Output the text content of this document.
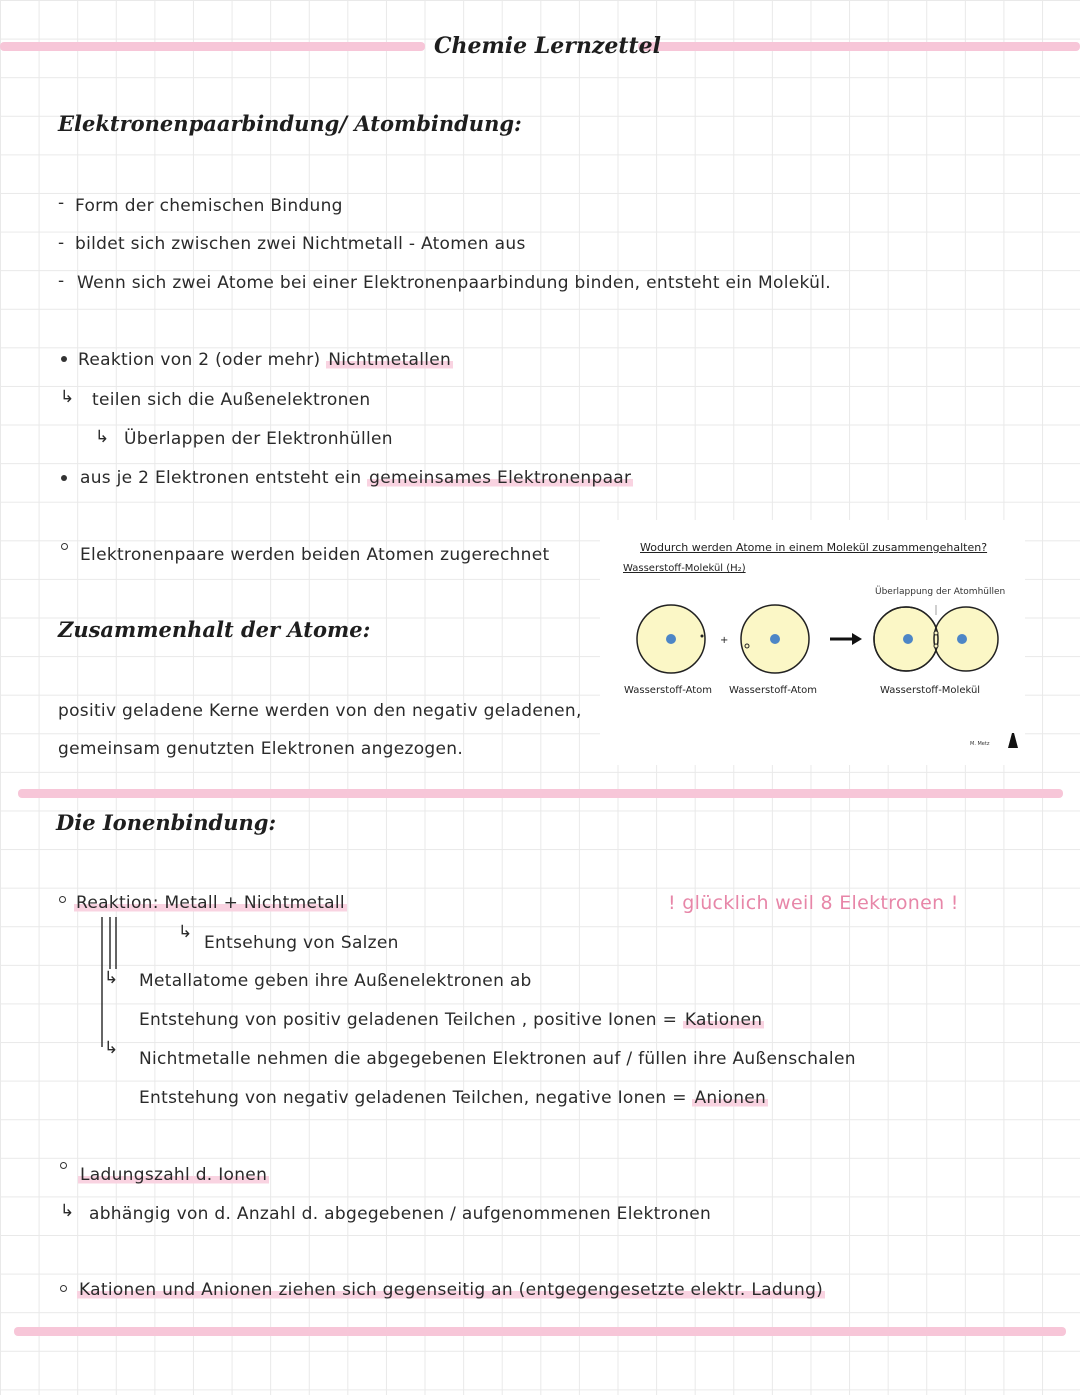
Chemie Lernzettel
Elektronenpaarbindung/ Atombindung:
- Form der chemischen Bindung
- bildet sich zwischen zwei Nichtmetall - Atomen aus
- Wenn sich zwei Atome bei einer Elektronenpaarbindung binden, entsteht ein Molekül.
Reaktion von 2 (oder mehr) Nichtmetallen
↳ teilen sich die Außenelektronen
↳ Überlappen der Elektronhüllen
aus je 2 Elektronen entsteht ein gemeinsames Elektronenpaar
Elektronenpaare werden beiden Atomen zugerechnet
Zusammenhalt der Atome:
positiv geladene Kerne werden von den negativ geladenen,
gemeinsam genutzten Elektronen angezogen.
Wodurch werden Atome in einem Molekül zusammengehalten?
Wasserstoff-Molekül (H₂)
Überlappung der Atomhüllen
+
Wasserstoff-Atom Wasserstoff-Atom	Wasserstoff-Molekül
M. Metz
Die Ionenbindung:
Reaktion: Metall + Nichtmetall	! glücklich weil 8 Elektronen !
↳
Entsehung von Salzen
↳ Metallatome geben ihre Außenelektronen ab
Entstehung von positiv geladenen Teilchen , positive Ionen = Kationen
↳
Nichtmetalle nehmen die abgegebenen Elektronen auf / füllen ihre Außenschalen
Entstehung von negativ geladenen Teilchen, negative Ionen = Anionen
Ladungszahl d. Ionen
↳ abhängig von d. Anzahl d. abgegebenen / aufgenommenen Elektronen
Kationen und Anionen ziehen sich gegenseitig an (entgegengesetzte elektr. Ladung)
